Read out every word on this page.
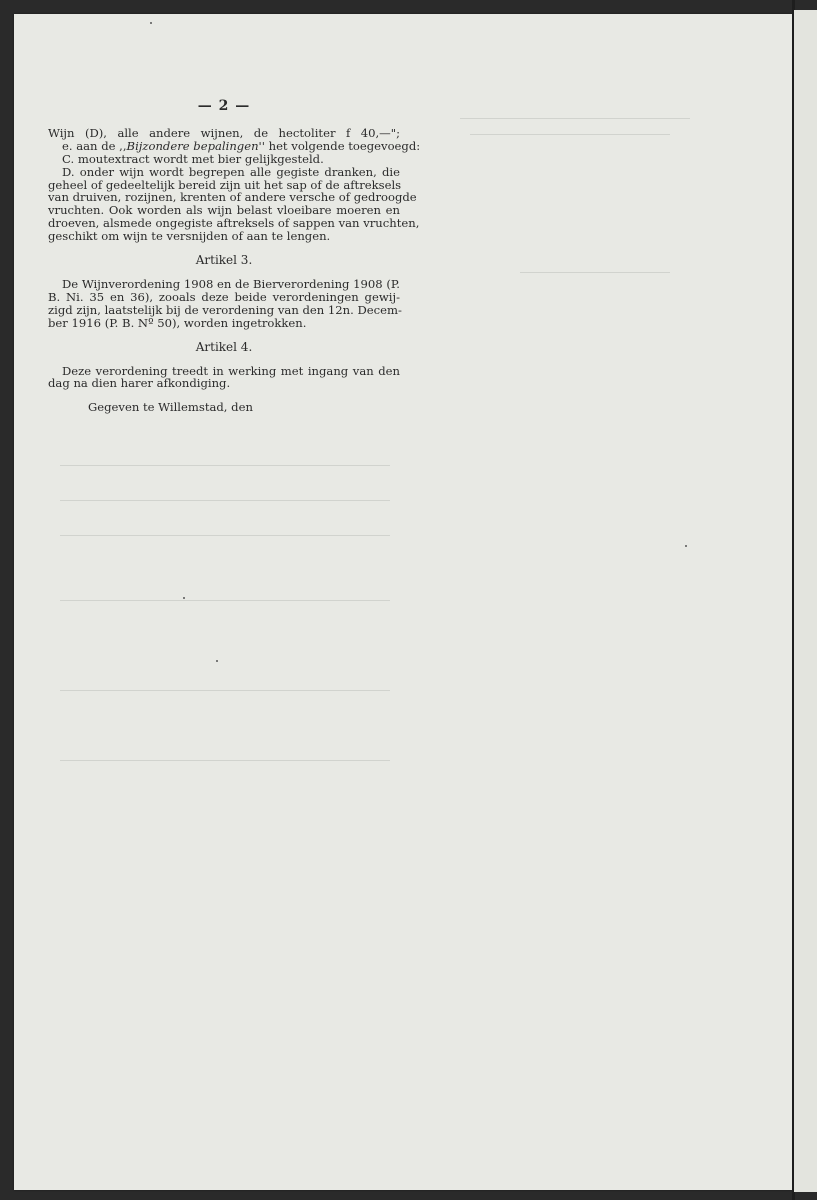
— 2 —
Wijn (D), alle andere wijnen, de hectoliter f 40,—";
e. aan de ,,Bijzondere bepalingen'' het volgende toegevoegd:
C. moutextract wordt met bier gelijkgesteld.
D. onder wijn wordt begrepen alle gegiste dranken, die
geheel of gedeeltelijk bereid zijn uit het sap of de aftreksels
van druiven, rozijnen, krenten of andere versche of gedroogde
vruchten. Ook worden als wijn belast vloeibare moeren en
droeven, alsmede ongegiste aftreksels of sappen van vruchten,
geschikt om wijn te versnijden of aan te lengen.
Artikel 3.
De Wijnverordening 1908 en de Bierverordening 1908 (P.
B. Ni. 35 en 36), zooals deze beide verordeningen gewij-
zigd zijn, laatstelijk bij de verordening van den 12n. Decem-
ber 1916 (P. B. Nº 50), worden ingetrokken.
Artikel 4.
Deze verordening treedt in werking met ingang van den
dag na dien harer afkondiging.
Gegeven te Willemstad, den
